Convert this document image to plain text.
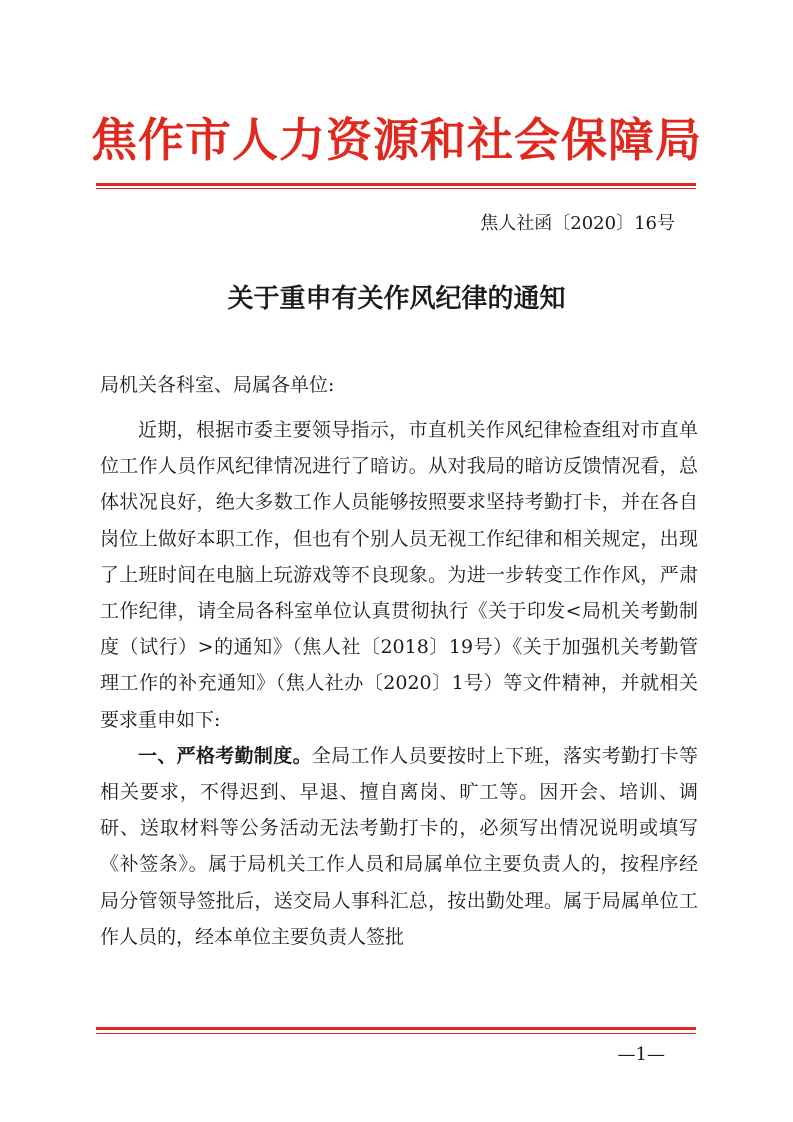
焦作市人力资源和社会保障局
焦人社函〔2020〕16号
关于重申有关作风纪律的通知
局机关各科室、局属各单位:

近期，根据市委主要领导指示，市直机关作风纪律检查组对市直单位工作人员作风纪律情况进行了暗访。从对我局的暗访反馈情况看，总体状况良好，绝大多数工作人员能够按照要求坚持考勤打卡，并在各自岗位上做好本职工作，但也有个别人员无视工作纪律和相关规定，出现了上班时间在电脑上玩游戏等不良现象。为进一步转变工作作风，严肃工作纪律，请全局各科室单位认真贯彻执行《关于印发<局机关考勤制度（试行）>的通知》（焦人社〔2018〕19号）《关于加强机关考勤管理工作的补充通知》（焦人社办〔2020〕1号）等文件精神，并就相关要求重申如下:

一、严格考勤制度。全局工作人员要按时上下班，落实考勤打卡等相关要求，不得迟到、早退、擅自离岗、旷工等。因开会、培训、调研、送取材料等公务活动无法考勤打卡的，必须写出情况说明或填写《补签条》。属于局机关工作人员和局属单位主要负责人的，按程序经局分管领导签批后，送交局人事科汇总，按出勤处理。属于局属单位工作人员的，经本单位主要负责人签批

—1—
